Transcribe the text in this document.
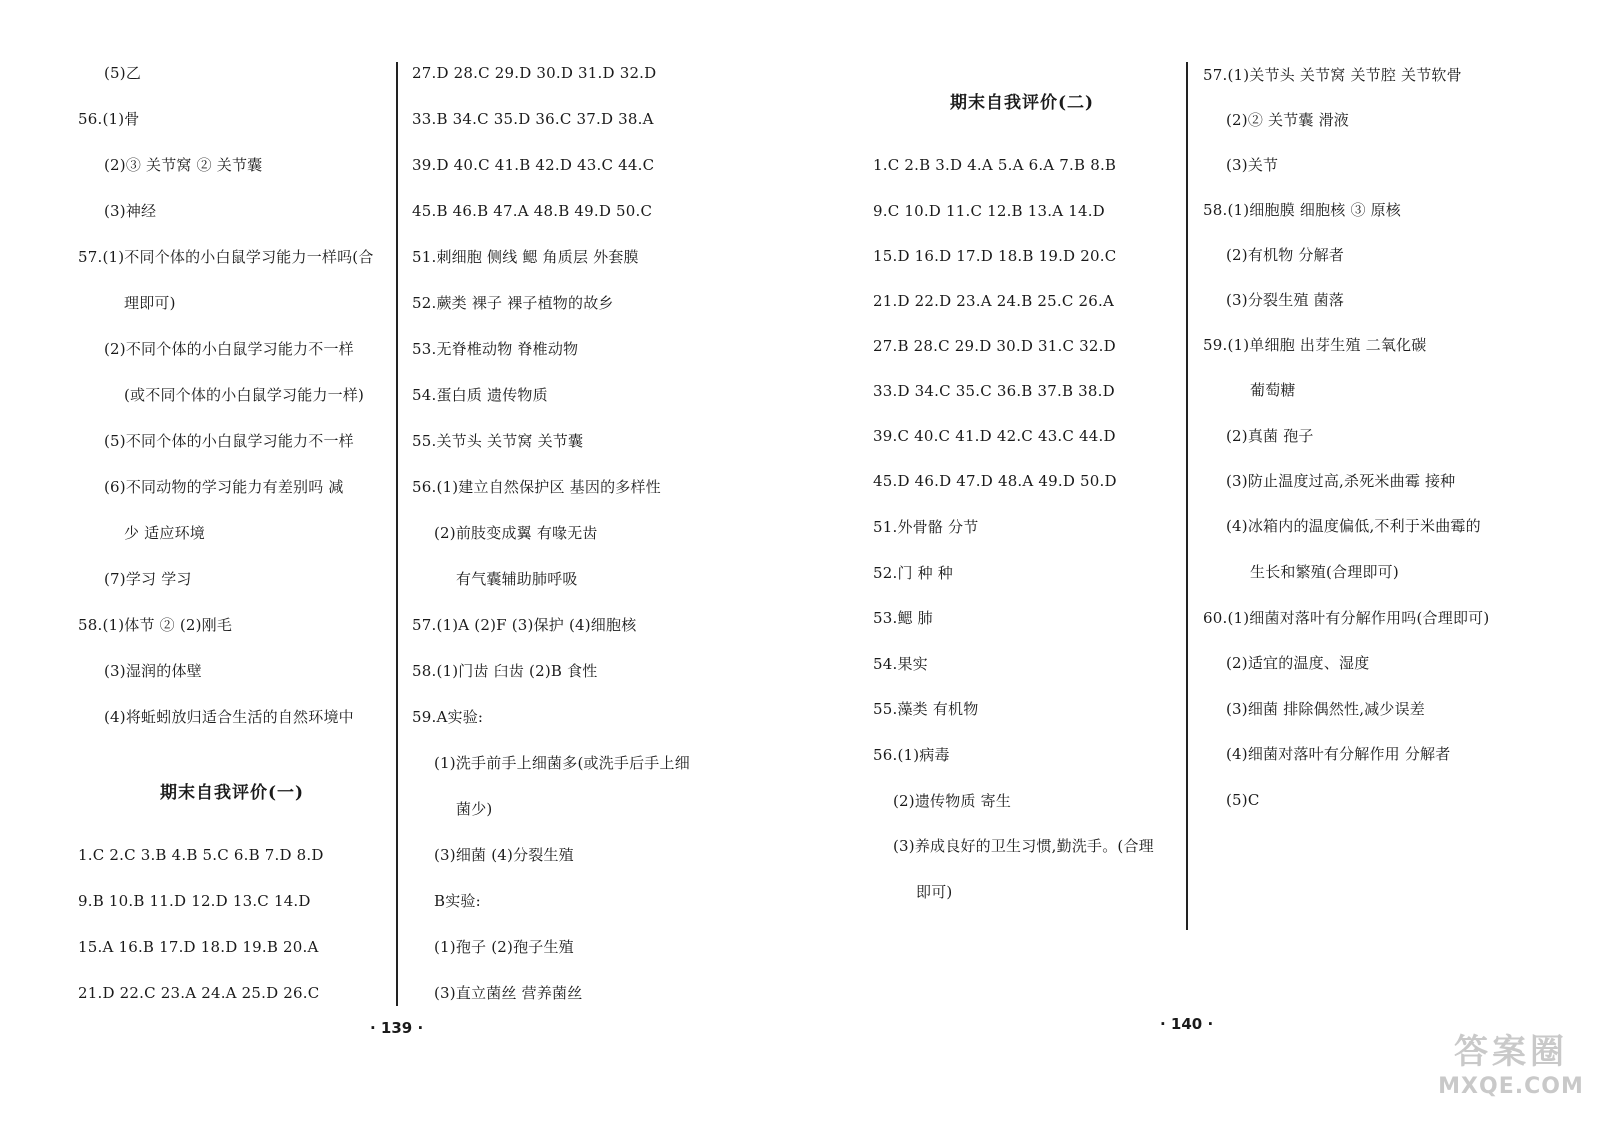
(5)乙
56.(1)骨
(2)③ 关节窝 ② 关节囊
(3)神经
57.(1)不同个体的小白鼠学习能力一样吗(合
理即可)
(2)不同个体的小白鼠学习能力不一样
(或不同个体的小白鼠学习能力一样)
(5)不同个体的小白鼠学习能力不一样
(6)不同动物的学习能力有差别吗 减
少 适应环境
(7)学习 学习
58.(1)体节 ② (2)刚毛
(3)湿润的体壁
(4)将蚯蚓放归适合生活的自然环境中
期末自我评价(一)
1.C 2.C 3.B 4.B 5.C 6.B 7.D 8.D
9.B 10.B 11.D 12.D 13.C 14.D
15.A 16.B 17.D 18.D 19.B 20.A
21.D 22.C 23.A 24.A 25.D 26.C
27.D 28.C 29.D 30.D 31.D 32.D
33.B 34.C 35.D 36.C 37.D 38.A
39.D 40.C 41.B 42.D 43.C 44.C
45.B 46.B 47.A 48.B 49.D 50.C
51.刺细胞 侧线 鳃 角质层 外套膜
52.蕨类 裸子 裸子植物的故乡
53.无脊椎动物 脊椎动物
54.蛋白质 遗传物质
55.关节头 关节窝 关节囊
56.(1)建立自然保护区 基因的多样性
(2)前肢变成翼 有喙无齿
有气囊辅助肺呼吸
57.(1)A (2)F (3)保护 (4)细胞核
58.(1)门齿 臼齿 (2)B 食性
59.A实验:
(1)洗手前手上细菌多(或洗手后手上细
菌少)
(3)细菌 (4)分裂生殖
B实验:
(1)孢子 (2)孢子生殖
(3)直立菌丝 营养菌丝
· 139 ·
期末自我评价(二)
1.C 2.B 3.D 4.A 5.A 6.A 7.B 8.B
9.C 10.D 11.C 12.B 13.A 14.D
15.D 16.D 17.D 18.B 19.D 20.C
21.D 22.D 23.A 24.B 25.C 26.A
27.B 28.C 29.D 30.D 31.C 32.D
33.D 34.C 35.C 36.B 37.B 38.D
39.C 40.C 41.D 42.C 43.C 44.D
45.D 46.D 47.D 48.A 49.D 50.D
51.外骨骼 分节
52.门 种 种
53.鳃 肺
54.果实
55.藻类 有机物
56.(1)病毒
(2)遗传物质 寄生
(3)养成良好的卫生习惯,勤洗手。(合理
即可)
57.(1)关节头 关节窝 关节腔 关节软骨
(2)② 关节囊 滑液
(3)关节
58.(1)细胞膜 细胞核 ③ 原核
(2)有机物 分解者
(3)分裂生殖 菌落
59.(1)单细胞 出芽生殖 二氧化碳
葡萄糖
(2)真菌 孢子
(3)防止温度过高,杀死米曲霉 接种
(4)冰箱内的温度偏低,不利于米曲霉的
生长和繁殖(合理即可)
60.(1)细菌对落叶有分解作用吗(合理即可)
(2)适宜的温度、湿度
(3)细菌 排除偶然性,减少误差
(4)细菌对落叶有分解作用 分解者
(5)C
· 140 ·
答案圈
MXQE.COM
